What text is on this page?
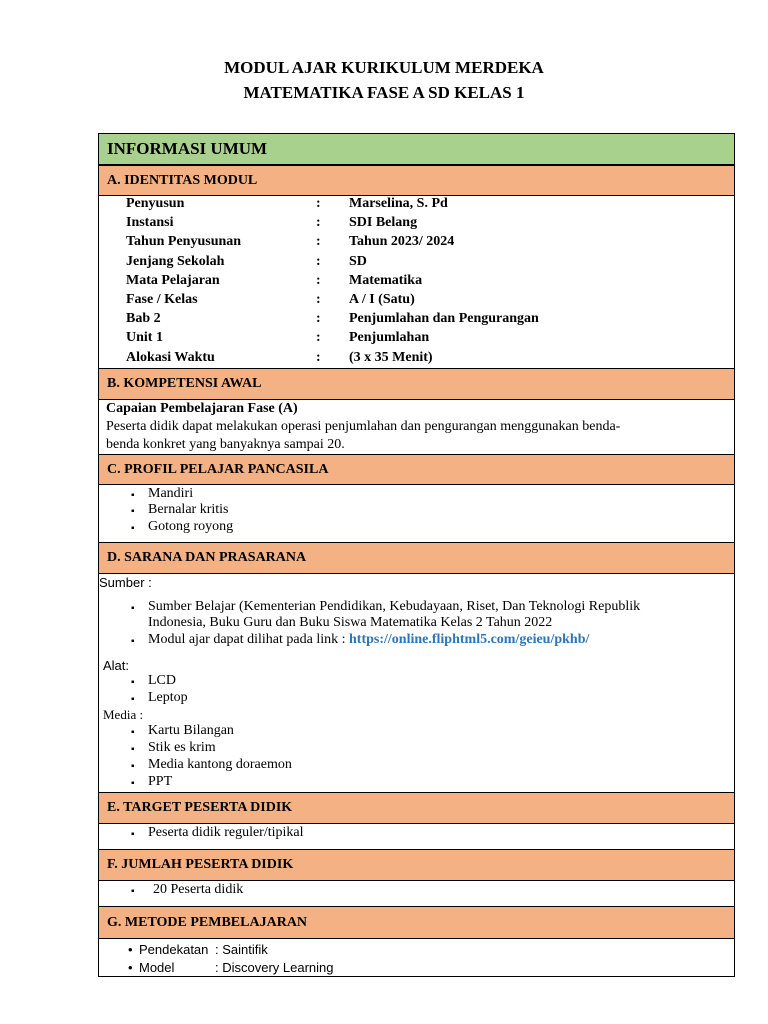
MODUL AJAR KURIKULUM MERDEKA
MATEMATIKA FASE A SD KELAS 1
INFORMASI UMUM
A. IDENTITAS MODUL
Penyusun	: Marselina, S. Pd
Instansi	: SDI Belang
Tahun Penyusunan	: Tahun 2023/ 2024
Jenjang Sekolah	: SD
Mata Pelajaran	: Matematika
Fase / Kelas	: A / I (Satu)
Bab 2	: Penjumlahan dan Pengurangan
Unit 1	: Penjumlahan
Alokasi Waktu	: (3 x 35 Menit)
B. KOMPETENSI AWAL
Capaian Pembelajaran Fase (A)
Peserta didik dapat melakukan operasi penjumlahan dan pengurangan menggunakan benda-
benda konkret yang banyaknya sampai 20.
C. PROFIL PELAJAR PANCASILA
▪ Mandiri
▪ Bernalar kritis
▪ Gotong royong
D. SARANA DAN PRASARANA
Sumber :
▪ Sumber Belajar (Kementerian Pendidikan, Kebudayaan, Riset, Dan Teknologi Republik
Indonesia, Buku Guru dan Buku Siswa Matematika Kelas 2 Tahun 2022
▪ Modul ajar dapat dilihat pada link : https://online.fliphtml5.com/geieu/pkhb/
Alat:
▪ LCD
▪ Leptop
Media :
▪ Kartu Bilangan
▪ Stik es krim
▪ Media kantong doraemon
▪ PPT
E. TARGET PESERTA DIDIK
▪ Peserta didik reguler/tipikal
F. JUMLAH PESERTA DIDIK
▪ 20 Peserta didik
G. METODE PEMBELAJARAN
• Pendekatan : Saintifik
• Model	: Discovery Learning
